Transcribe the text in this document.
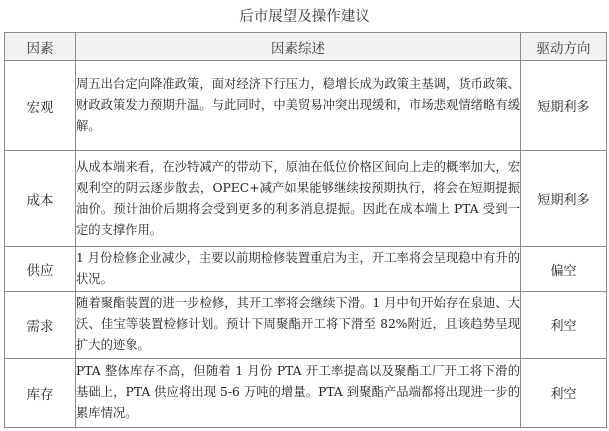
后市展望及操作建议
因素	因素综述	驱动方向
宏观	周五出台定向降准政策，面对经济下行压力，稳增长成为政策主基调，货币政策、财政政策发力预期升温。与此同时，中美贸易冲突出现缓和，市场悲观情绪略有缓解。	短期利多
成本	从成本端来看，在沙特减产的带动下，原油在低位价格区间向上走的概率加大，宏观利空的阴云逐步散去，OPEC+减产如果能够继续按预期执行，将会在短期提振油价。预计油价后期将会受到更多的利多消息提振。因此在成本端上 PTA 受到一定的支撑作用。	短期利多
供应	1 月份检修企业减少，主要以前期检修装置重启为主，开工率将会呈现稳中有升的状况。	偏空
需求	随着聚酯装置的进一步检修，其开工率将会继续下滑。1 月中旬开始存在泉迪、大沃、佳宝等装置检修计划。预计下周聚酯开工将下滑至 82%附近，且该趋势呈现扩大的迹象。	利空
库存	PTA 整体库存不高，但随着 1 月份 PTA 开工率提高以及聚酯工厂开工将下滑的基础上，PTA 供应将出现 5-6 万吨的增量。PTA 到聚酯产品端都将出现进一步的累库情况。	利空
